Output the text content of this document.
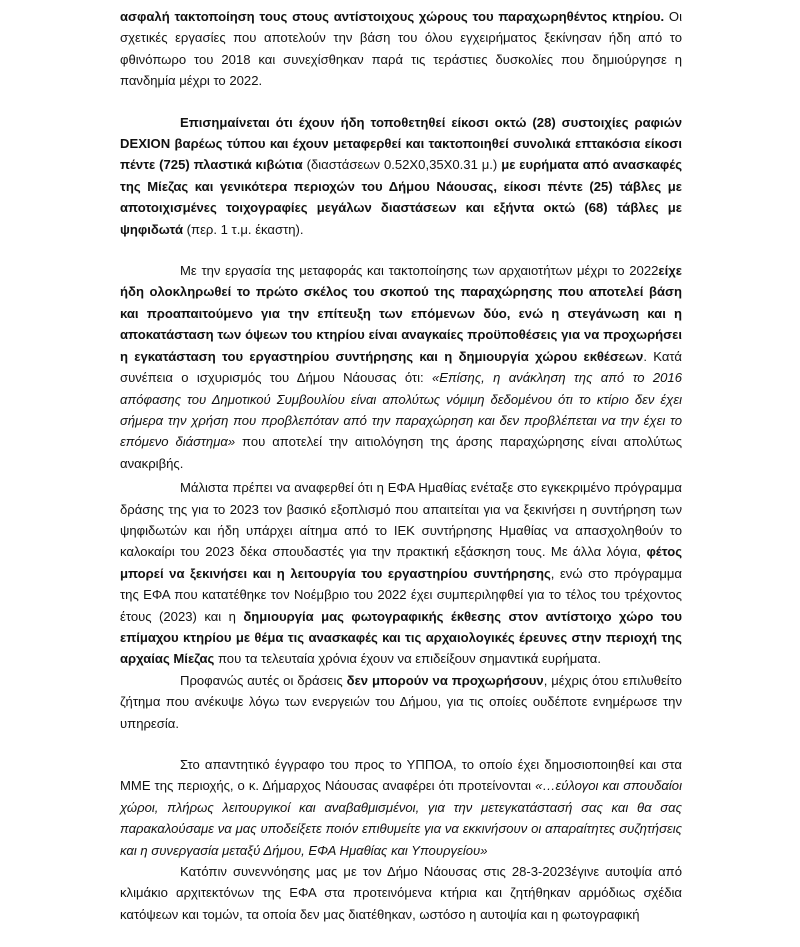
ασφαλή τακτοποίηση τους στους αντίστοιχους χώρους του παραχωρηθέντος κτηρίου. Οι σχετικές εργασίες που αποτελούν την βάση του όλου εγχειρήματος ξεκίνησαν ήδη από το φθινόπωρο του 2018 και συνεχίσθηκαν παρά τις τεράστιες δυσκολίες που δημιούργησε η πανδημία μέχρι το 2022.

Επισημαίνεται ότι έχουν ήδη τοποθετηθεί είκοσι οκτώ (28) συστοιχίες ραφιών DEXION βαρέως τύπου και έχουν μεταφερθεί και τακτοποιηθεί συνολικά επτακόσια είκοσι πέντε (725) πλαστικά κιβώτια (διαστάσεων 0.52Χ0,35Χ0.31 μ.) με ευρήματα από ανασκαφές της Μίεζας και γενικότερα περιοχών του Δήμου Νάουσας, είκοσι πέντε (25) τάβλες με αποτοιχισμένες τοιχογραφίες μεγάλων διαστάσεων και εξήντα οκτώ (68) τάβλες με ψηφιδωτά (περ. 1 τ.μ. έκαστη).

Με την εργασία της μεταφοράς και τακτοποίησης των αρχαιοτήτων μέχρι το 2022είχε ήδη ολοκληρωθεί το πρώτο σκέλος του σκοπού της παραχώρησης που αποτελεί βάση και προαπαιτούμενο για την επίτευξη των επόμενων δύο, ενώ η στεγάνωση και η αποκατάσταση των όψεων του κτηρίου είναι αναγκαίες προϋποθέσεις για να προχωρήσει η εγκατάσταση του εργαστηρίου συντήρησης και η δημιουργία χώρου εκθέσεων. Κατά συνέπεια ο ισχυρισμός του Δήμου Νάουσας ότι: «Επίσης, η ανάκληση της από το 2016 απόφασης του Δημοτικού Συμβουλίου είναι απολύτως νόμιμη δεδομένου ότι το κτίριο δεν έχει σήμερα την χρήση που προβλεπόταν από την παραχώρηση και δεν προβλέπεται να την έχει το επόμενο διάστημα» που αποτελεί την αιτιολόγηση της άρσης παραχώρησης είναι απολύτως ανακριβής.

Μάλιστα πρέπει να αναφερθεί ότι η ΕΦΑ Ημαθίας ενέταξε στο εγκεκριμένο πρόγραμμα δράσης της για το 2023 τον βασικό εξοπλισμό που απαιτείται για να ξεκινήσει η συντήρηση των ψηφιδωτών και ήδη υπάρχει αίτημα από το ΙΕΚ συντήρησης Ημαθίας να απασχοληθούν το καλοκαίρι του 2023 δέκα σπουδαστές για την πρακτική εξάσκηση τους. Με άλλα λόγια, φέτος μπορεί να ξεκινήσει και η λειτουργία του εργαστηρίου συντήρησης, ενώ στο πρόγραμμα της ΕΦΑ που κατατέθηκε τον Νοέμβριο του 2022 έχει συμπεριληφθεί για το τέλος του τρέχοντος έτους (2023) και η δημιουργία μας φωτογραφικής έκθεσης στον αντίστοιχο χώρο του επίμαχου κτηρίου με θέμα τις ανασκαφές και τις αρχαιολογικές έρευνες στην περιοχή της αρχαίας Μίεζας που τα τελευταία χρόνια έχουν να επιδείξουν σημαντικά ευρήματα.

Προφανώς αυτές οι δράσεις δεν μπορούν να προχωρήσουν, μέχρις ότου επιλυθείτο ζήτημα που ανέκυψε λόγω των ενεργειών του Δήμου, για τις οποίες ουδέποτε ενημέρωσε την υπηρεσία.

Στο απαντητικό έγγραφο του προς το ΥΠΠΟΑ, το οποίο έχει δημοσιοποιηθεί και στα ΜΜΕ της περιοχής, ο κ. Δήμαρχος Νάουσας αναφέρει ότι προτείνονται «…εύλογοι και σπουδαίοι χώροι, πλήρως λειτουργικοί και αναβαθμισμένοι, για την μετεγκατάστασή σας και θα σας παρακαλούσαμε να μας υποδείξετε ποιόν επιθυμείτε για να εκκινήσουν οι απαραίτητες συζητήσεις και η συνεργασία μεταξύ Δήμου, ΕΦΑ Ημαθίας και Υπουργείου»

Κατόπιν συνεννόησης μας με τον Δήμο Νάουσας στις 28-3-2023έγινε αυτοψία από κλιμάκιο αρχιτεκτόνων της ΕΦΑ στα προτεινόμενα κτήρια και ζητήθηκαν αρμόδιως σχέδια κατόψεων και τομών, τα οποία δεν μας διατέθηκαν, ωστόσο η αυτοψία και η φωτογραφική
